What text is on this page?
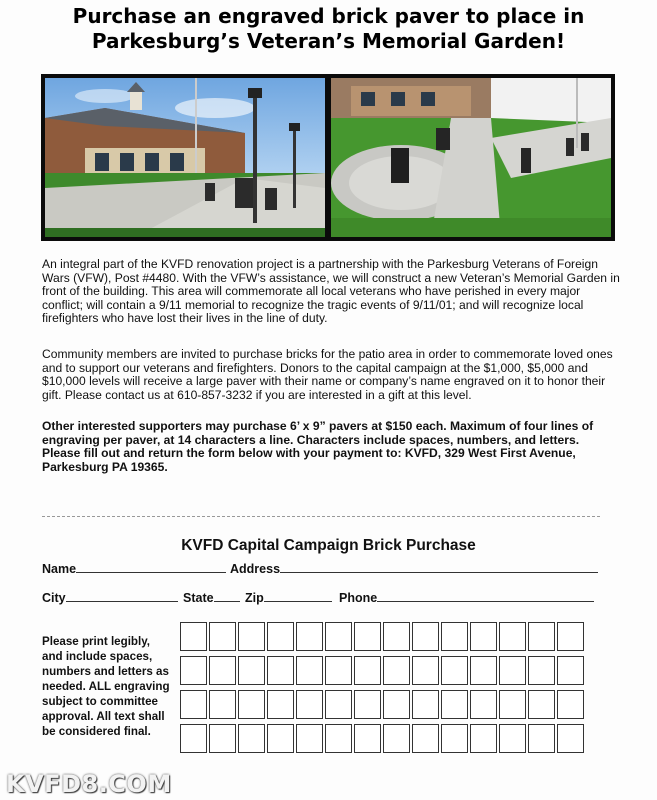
Purchase an engraved brick paver to place in
Parkesburg’s Veteran’s Memorial Garden!

An integral part of the KVFD renovation project is a partnership with the Parkesburg Veterans of Foreign Wars (VFW), Post #4480. With the VFW’s assistance, we will construct a new Veteran’s Memorial Garden in front of the building. This area will commemorate all local veterans who have perished in every major conflict; will contain a 9/11 memorial to recognize the tragic events of 9/11/01; and will recognize local firefighters who have lost their lives in the line of duty.

Community members are invited to purchase bricks for the patio area in order to commemorate loved ones and to support our veterans and firefighters. Donors to the capital campaign at the $1,000, $5,000 and $10,000 levels will receive a large paver with their name or company’s name engraved on it to honor their gift. Please contact us at 610-857-3232 if you are interested in a gift at this level.

Other interested supporters may purchase 6’ x 9” pavers at $150 each. Maximum of four lines of engraving per paver, at 14 characters a line. Characters include spaces, numbers, and letters. Please fill out and return the form below with your payment to: KVFD, 329 West First Avenue, Parkesburg PA 19365.

KVFD Capital Campaign Brick Purchase
Name	Address
City	State	Zip	Phone
Please print legibly, and include spaces, numbers and letters as needed. ALL engraving subject to committee approval. All text shall be considered final.
KVFD8.COM
